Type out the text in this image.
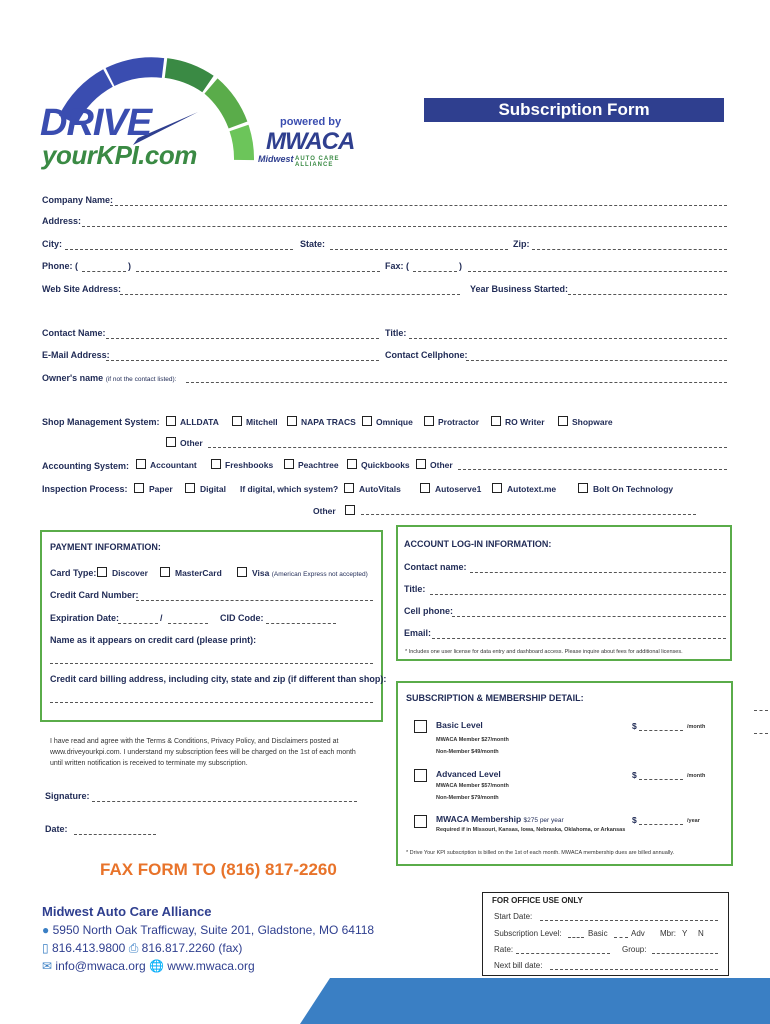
DRIVE
yourKPI.com
powered by
MWACA
Midwest AUTO CARE ALLIANCE
Subscription Form
Company Name:
Address:
City:	State:	Zip:
Phone: (	)	Fax: (	)
Web Site Address:	Year Business Started:
Contact Name:	Title:
E-Mail Address:	Contact Cellphone:
Owner's name (if not the contact listed):
Shop Management System: ALLDATA	Mitchell	NAPA TRACS Omnique	Protractor	RO Writer	Shopware
Other
Accounting System: Accountant	Freshbooks	Peachtree	Quickbooks Other
Inspection Process:	Paper	Digital If digital, which system? AutoVitals	Autoserve1	Autotext.me	Bolt On Technology
Other
PAYMENT INFORMATION:
Card Type: Discover	MasterCard	Visa (American Express not accepted)
Credit Card Number:
Expiration Date:	/	CID Code:
Name as it appears on credit card (please print):
Credit card billing address, including city, state and zip (if different than shop):
I have read and agree with the Terms & Conditions, Privacy Policy, and Disclaimers posted at www.driveyourkpi.com. I understand my subscription fees will be charged on the 1st of each month until written notification is received to terminate my subscription.
Signature:
Date:
ACCOUNT LOG-IN INFORMATION:
Contact name:
Title:
Cell phone:
Email:
* Includes one user license for data entry and dashboard access. Please inquire about fees for additional licenses.
SUBSCRIPTION & MEMBERSHIP DETAIL:
Basic Level
MWACA Member $27/month
Non-Member $49/month
$	/month
Advanced Level
MWACA Member $57/month
Non-Member $79/month
$	/month
MWACA Membership $275 per year
Required if in Missouri, Kansas, Iowa, Nebraska, Oklahoma, or Arkansas
$	/year
* Drive Your KPI subscription is billed on the 1st of each month. MWACA membership dues are billed annually.
FAX FORM TO (816) 817-2260
Midwest Auto Care Alliance
● 5950 North Oak Trafficway, Suite 201, Gladstone, MO 64118
▯ 816.413.9800 ⎙ 816.817.2260 (fax)
✉ info@mwaca.org 🌐 www.mwaca.org
FOR OFFICE USE ONLY
Start Date:
Subscription Level:	Basic	Adv Mbr: Y N
Rate:	Group:
Next bill date:
